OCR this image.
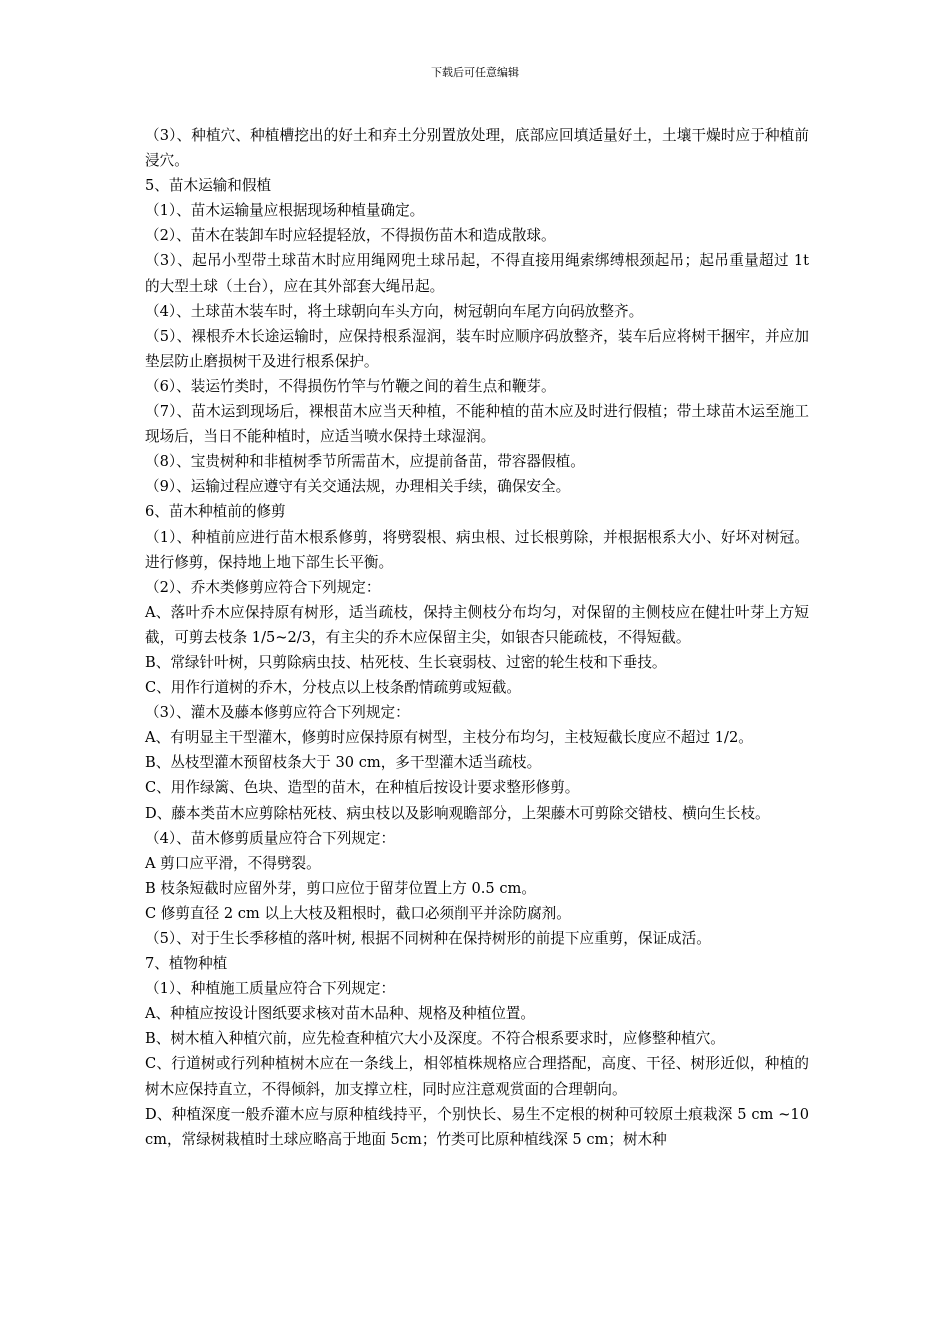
下载后可任意编辑

（3）、种植穴、种植槽挖出的好土和弃土分别置放处理，底部应回填适量好土，土壤干燥时应于种植前浸穴。

5、苗木运输和假植

（1）、苗木运输量应根据现场种植量确定。

（2）、苗木在装卸车时应轻提轻放，不得损伤苗木和造成散球。

（3）、起吊小型带土球苗木时应用绳网兜土球吊起，不得直接用绳索绑缚根颈起吊；起吊重量超过 1t 的大型土球（土台），应在其外部套大绳吊起。

（4）、土球苗木装车时，将土球朝向车头方向，树冠朝向车尾方向码放整齐。

（5）、裸根乔木长途运输时，应保持根系湿润，装车时应顺序码放整齐，装车后应将树干捆牢，并应加垫层防止磨损树干及进行根系保护。

（6）、装运竹类时，不得损伤竹竿与竹鞭之间的着生点和鞭芽。

（7）、苗木运到现场后，裸根苗木应当天种植，不能种植的苗木应及时进行假植；带土球苗木运至施工现场后，当日不能种植时，应适当喷水保持土球湿润。

（8）、宝贵树种和非植树季节所需苗木，应提前备苗，带容器假植。

（9）、运输过程应遵守有关交通法规，办理相关手续，确保安全。

6、苗木种植前的修剪

（1）、种植前应进行苗木根系修剪，将劈裂根、病虫根、过长根剪除，并根据根系大小、好坏对树冠。进行修剪，保持地上地下部生长平衡。

（2）、乔木类修剪应符合下列规定：

A、落叶乔木应保持原有树形，适当疏枝，保持主侧枝分布均匀，对保留的主侧枝应在健壮叶芽上方短截，可剪去枝条 1/5~2/3，有主尖的乔木应保留主尖，如银杏只能疏枝，不得短截。

B、常绿针叶树，只剪除病虫技、枯死枝、生长衰弱枝、过密的轮生枝和下垂技。

C、用作行道树的乔木，分枝点以上枝条酌情疏剪或短截。

（3）、灌木及藤本修剪应符合下列规定：

A、有明显主干型灌木，修剪时应保持原有树型，主枝分布均匀，主枝短截长度应不超过 1/2。

B、丛枝型灌木预留枝条大于 30 cm，多干型灌木适当疏枝。

C、用作绿篱、色块、造型的苗木，在种植后按设计要求整形修剪。

D、藤本类苗木应剪除枯死枝、病虫枝以及影响观瞻部分，上架藤木可剪除交错枝、横向生长枝。

（4）、苗木修剪质量应符合下列规定：

A 剪口应平滑，不得劈裂。

B 枝条短截时应留外芽，剪口应位于留芽位置上方 0.5 cm。

C 修剪直径 2 cm 以上大枝及粗根时，截口必须削平并涂防腐剂。

（5）、对于生长季移植的落叶树, 根据不同树种在保持树形的前提下应重剪，保证成活。

7、植物种植

（1）、种植施工质量应符合下列规定：

A、种植应按设计图纸要求核对苗木品种、规格及种植位置。

B、树木植入种植穴前，应先检查种植穴大小及深度。不符合根系要求时，应修整种植穴。

C、行道树或行列种植树木应在一条线上，相邻植株规格应合理搭配，高度、干径、树形近似，种植的树木应保持直立，不得倾斜，加支撑立柱，同时应注意观赏面的合理朝向。

D、种植深度一般乔灌木应与原种植线持平，个别快长、易生不定根的树种可较原土痕栽深 5 cm ~10cm，常绿树栽植时土球应略高于地面 5cm；竹类可比原种植线深 5 cm；树木种
